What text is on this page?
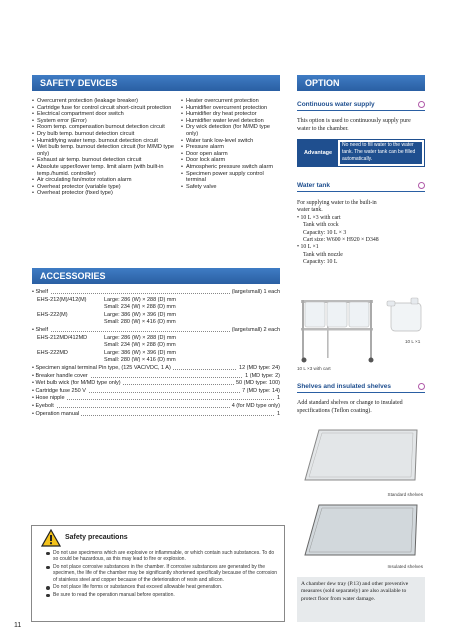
SAFETY DEVICES
• Overcurrent protection (leakage breaker)
• Cartridge fuse for control circuit short-circuit protection
• Electrical compartment door switch
• System error (Error)
• Room temp. compensation burnout detection circuit
• Dry bulb temp. burnout detection circuit
• Humidifying water temp. burnout detection circuit
• Wet bulb temp. burnout detection circuit (for M/MD type only)
• Exhaust air temp. burnout detection circuit
• Absolute upper/lower temp. limit alarm (with built-in temp./humid. controller)
• Air circulating fan/motor rotation alarm
• Overheat protector (variable type)
• Overheat protector (fixed type)
• Heater overcurrent protection
• Humidifier overcurrent protection
• Humidifier dry heat protector
• Humidifier water level detection
• Dry wick detection (for M/MD type only)
• Water tank low-level switch
• Pressure alarm
• Door open alarm
• Door lock alarm
• Atmospheric pressure switch alarm
• Specimen power supply control terminal
• Safety valve
ACCESSORIES
• Shelf	(large/small) 1 each
EHS-212(M)/412(M)	Large: 286 (W) × 288 (D) mm
Small: 234 (W) × 288 (D) mm
EHS-222(M)	Large: 386 (W) × 396 (D) mm
Small: 280 (W) × 416 (D) mm
• Shelf	(large/small) 2 each
EHS-212MD/412MD	Large: 286 (W) × 288 (D) mm
Small: 234 (W) × 288 (D) mm
EHS-222MD	Large: 386 (W) × 396 (D) mm
Small: 280 (W) × 416 (D) mm
• Specimen signal terminal Pin type, (125 VAC/VDC, 1 A)	12 (MD type: 24)
• Breaker handle cover	1 (MD type: 2)
• Wet bulb wick (for M/MD type only)	50 (MD type: 100)
• Cartridge fuse 250 V	7 (MD type: 14)
• Hose nipple	1
• Eyebolt	4 (for MD type only)
• Operation manual	1
Safety precautions
Do not use specimens which are explosive or inflammable, or which contain such substances. To do so could be hazardous, as this may lead to fire or explosion.
Do not place corrosive substances in the chamber. If corrosive substances are generated by the specimen, the life of the chamber may be significantly shortened specifically because of the corrosion of stainless steel and copper because of the deterioration of resin and silicon.
Do not place life forms or substances that exceed allowable heat generation.
Be sure to read the operation manual before operation.
OPTION
Continuous water supply
This option is used to continuously supply pure water to the chamber.
Advantage
No need to fill water to the water tank. The water tank can be filled automatically.
Water tank
For supplying water to the built-in
water tank.
• 10 L ×3 with cart
Tank with cock
Capacity: 10 L × 3
Cart size: W600 × H920 × D348
• 10 L ×1
Tank with nozzle
Capacity: 10 L
10 L ×3 with cart
10 L ×1
Shelves and insulated shelves
Add standard shelves or change to insulated specifications (Teflon coating).
Standard shelves
Insulated shelves
A chamber dew tray (P.13) and other preventive measures (sold separately) are also available to protect floor from water damage.
11
